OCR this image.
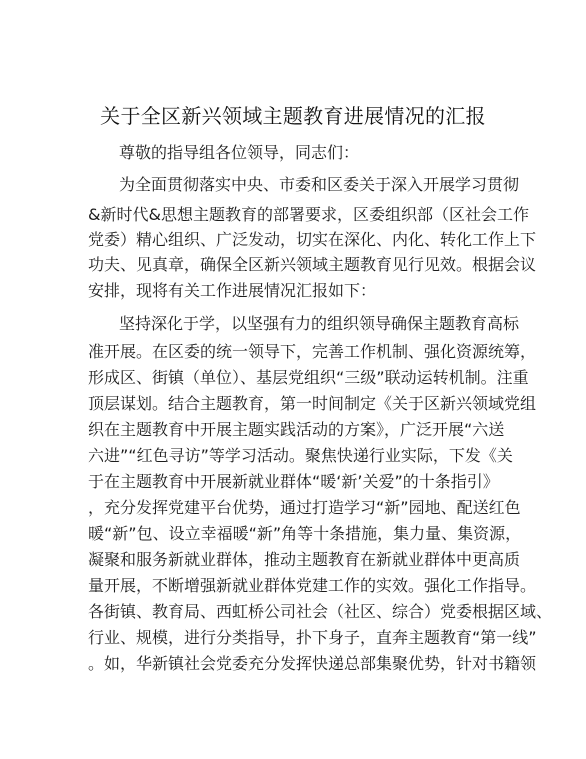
关于全区新兴领域主题教育进展情况的汇报
尊敬的指导组各位领导，同志们：
为全面贯彻落实中央、市委和区委关于深入开展学习贯彻
&新时代&思想主题教育的部署要求，区委组织部（区社会工作
党委）精心组织、广泛发动，切实在深化、内化、转化工作上下
功夫、见真章，确保全区新兴领域主题教育见行见效。根据会议
安排，现将有关工作进展情况汇报如下：
坚持深化于学，以坚强有力的组织领导确保主题教育高标
准开展。在区委的统一领导下，完善工作机制、强化资源统筹，
形成区、街镇（单位）、基层党组织“三级”联动运转机制。注重
顶层谋划。结合主题教育，第一时间制定《关于区新兴领域党组
织在主题教育中开展主题实践活动的方案》，广泛开展“六送
六进”“红色寻访”等学习活动。聚焦快递行业实际，下发《关
于在主题教育中开展新就业群体“暖‘新’关爱”的十条指引》
，充分发挥党建平台优势，通过打造学习“新”园地、配送红色
暖“新”包、设立幸福暖“新”角等十条措施，集力量、集资源，
凝聚和服务新就业群体，推动主题教育在新就业群体中更高质
量开展，不断增强新就业群体党建工作的实效。强化工作指导。
各街镇、教育局、西虹桥公司社会（社区、综合）党委根据区域、
行业、规模，进行分类指导，扑下身子，直奔主题教育“第一线”
。如，华新镇社会党委充分发挥快递总部集聚优势，针对书籍领
